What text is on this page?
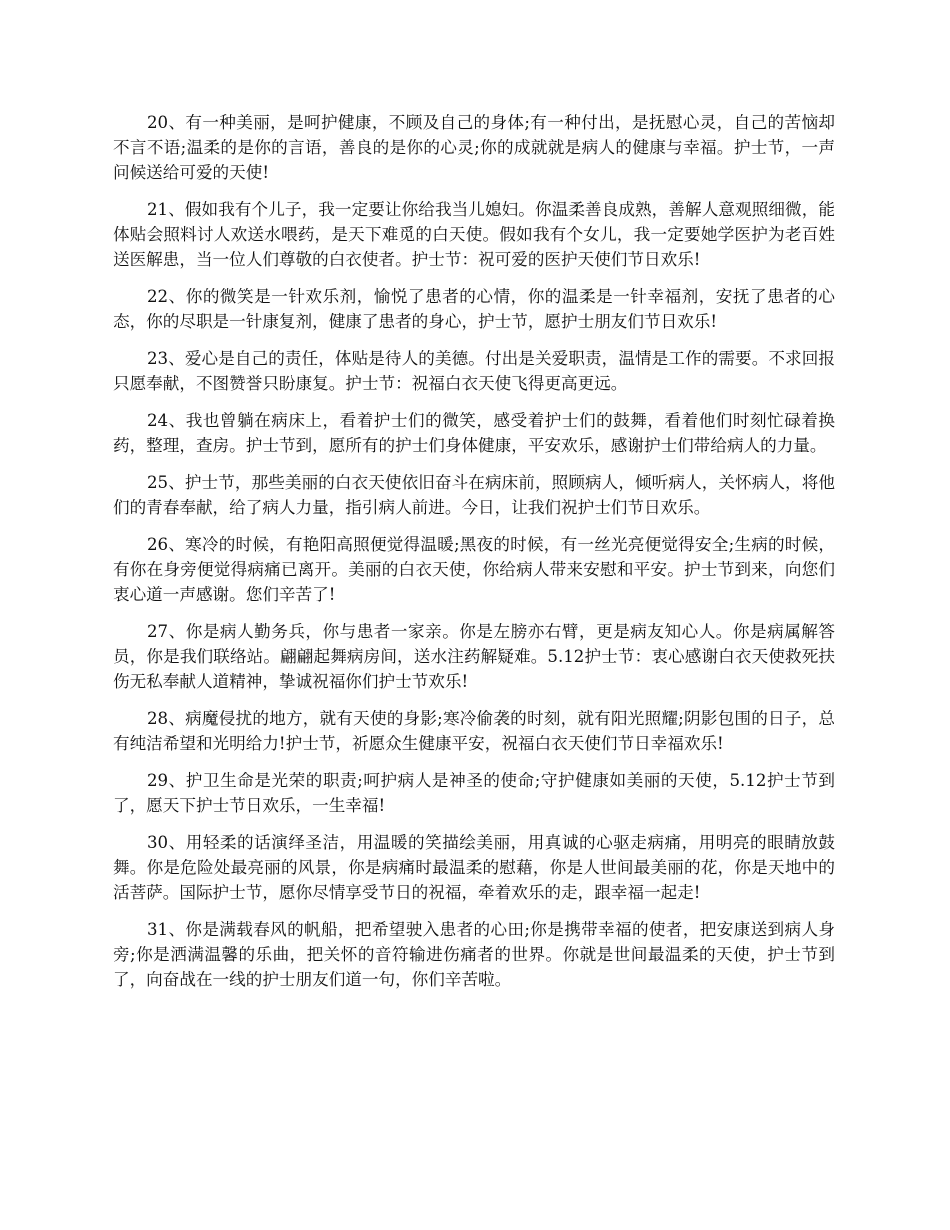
20、有一种美丽，是呵护健康，不顾及自己的身体;有一种付出，是抚慰心灵，自己的苦恼却不言不语;温柔的是你的言语，善良的是你的心灵;你的成就就是病人的健康与幸福。护士节，一声问候送给可爱的天使!

21、假如我有个儿子，我一定要让你给我当儿媳妇。你温柔善良成熟，善解人意观照细微，能体贴会照料讨人欢送水喂药，是天下难觅的白天使。假如我有个女儿，我一定要她学医护为老百姓送医解患，当一位人们尊敬的白衣使者。护士节：祝可爱的医护天使们节日欢乐!

22、你的微笑是一针欢乐剂，愉悦了患者的心情，你的温柔是一针幸福剂，安抚了患者的心态，你的尽职是一针康复剂，健康了患者的身心，护士节，愿护士朋友们节日欢乐!

23、爱心是自己的责任，体贴是待人的美德。付出是关爱职责，温情是工作的需要。不求回报只愿奉献，不图赞誉只盼康复。护士节：祝福白衣天使飞得更高更远。

24、我也曾躺在病床上，看着护士们的微笑，感受着护士们的鼓舞，看着他们时刻忙碌着换药，整理，查房。护士节到，愿所有的护士们身体健康，平安欢乐，感谢护士们带给病人的力量。

25、护士节，那些美丽的白衣天使依旧奋斗在病床前，照顾病人，倾听病人，关怀病人，将他们的青春奉献，给了病人力量，指引病人前进。今日，让我们祝护士们节日欢乐。

26、寒冷的时候，有艳阳高照便觉得温暖;黑夜的时候，有一丝光亮便觉得安全;生病的时候，有你在身旁便觉得病痛已离开。美丽的白衣天使，你给病人带来安慰和平安。护士节到来，向您们衷心道一声感谢。您们辛苦了!

27、你是病人勤务兵，你与患者一家亲。你是左膀亦右臂，更是病友知心人。你是病属解答员，你是我们联络站。翩翩起舞病房间，送水注药解疑难。5.12护士节：衷心感谢白衣天使救死扶伤无私奉献人道精神，挚诚祝福你们护士节欢乐!

28、病魔侵扰的地方，就有天使的身影;寒冷偷袭的时刻，就有阳光照耀;阴影包围的日子，总有纯洁希望和光明给力!护士节，祈愿众生健康平安，祝福白衣天使们节日幸福欢乐!

29、护卫生命是光荣的职责;呵护病人是神圣的使命;守护健康如美丽的天使，5.12护士节到了，愿天下护士节日欢乐，一生幸福!

30、用轻柔的话演绎圣洁，用温暖的笑描绘美丽，用真诚的心驱走病痛，用明亮的眼睛放鼓舞。你是危险处最亮丽的风景，你是病痛时最温柔的慰藉，你是人世间最美丽的花，你是天地中的活菩萨。国际护士节，愿你尽情享受节日的祝福，牵着欢乐的走，跟幸福一起走!

31、你是满载春风的帆船，把希望驶入患者的心田;你是携带幸福的使者，把安康送到病人身旁;你是洒满温馨的乐曲，把关怀的音符输进伤痛者的世界。你就是世间最温柔的天使，护士节到了，向奋战在一线的护士朋友们道一句，你们辛苦啦。
